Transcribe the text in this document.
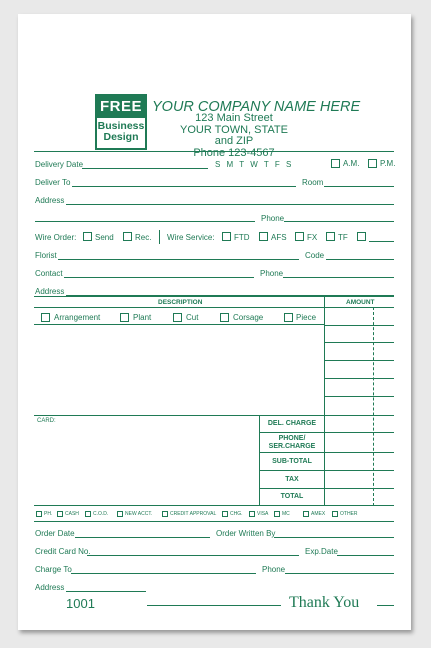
FREE
Business
Design
YOUR COMPANY NAME HERE
123 Main Street
YOUR TOWN, STATE and ZIP
Phone 123-4567
Delivery Date	S M T W T F S	A.M.	P.M.
Deliver To	Room
Address
Phone
Wire Order: Send	Rec. Wire Service: FTD	AFS	FX	TF
Florist	Code
Contact	Phone
Address
DESCRIPTION	AMOUNT
Arrangement	Plant	Cut	Corsage	Piece
CARD:	DEL. CHARGE
PHONE/
SER.CHARGE
SUB-TOTAL
TAX
TOTAL
PH.	CASH	C.O.D.	NEW ACCT.	CREDIT APPROVAL	CHG.	VISA	MC	AMEX	OTHER
Order Date	Order Written By
Credit Card No.	Exp.Date
Charge To	Phone
Address
1001	Thank You
